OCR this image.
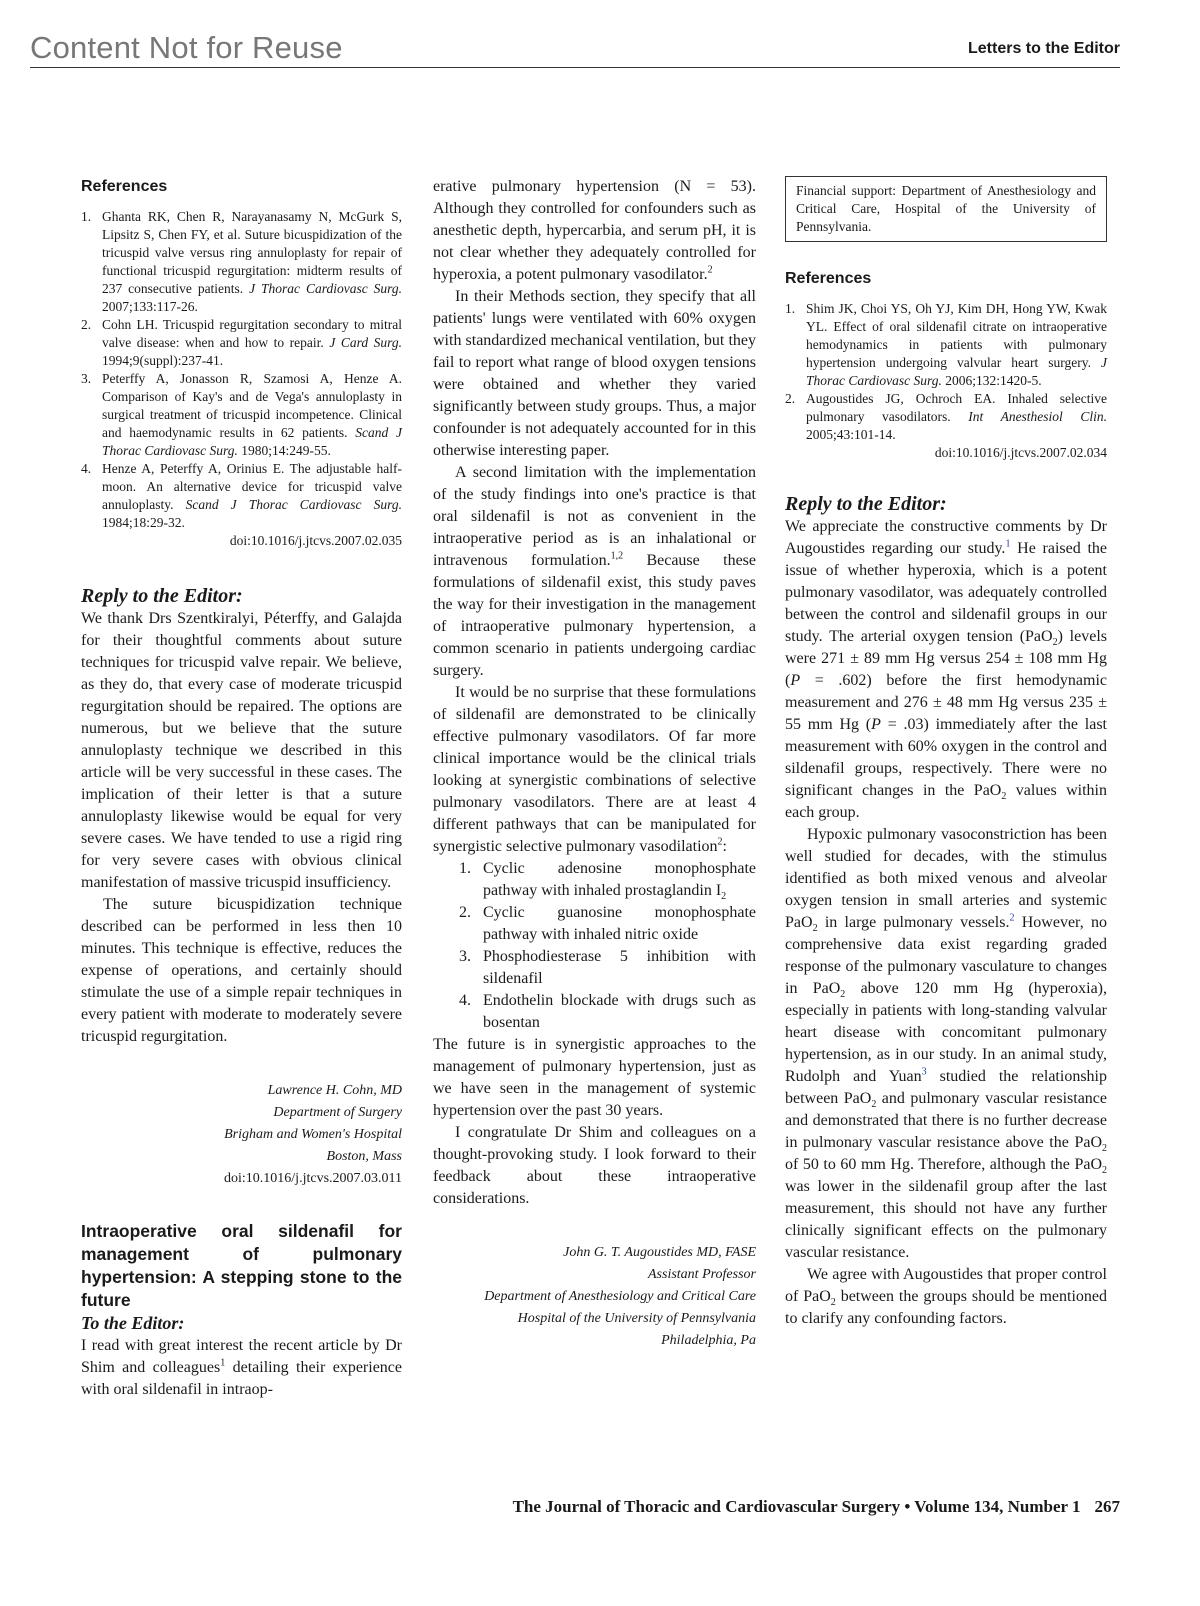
Content Not for Reuse	Letters to the Editor
References
1. Ghanta RK, Chen R, Narayanasamy N, McGurk S, Lipsitz S, Chen FY, et al. Suture bicuspidization of the tricuspid valve versus ring annuloplasty for repair of functional tricuspid regurgitation: midterm results of 237 consecutive patients. J Thorac Cardiovasc Surg. 2007;133:117-26.
2. Cohn LH. Tricuspid regurgitation secondary to mitral valve disease: when and how to repair. J Card Surg. 1994;9(suppl):237-41.
3. Peterffy A, Jonasson R, Szamosi A, Henze A. Comparison of Kay's and de Vega's annuloplasty in surgical treatment of tricuspid incompetence. Clinical and haemodynamic results in 62 patients. Scand J Thorac Cardiovasc Surg. 1980;14:249-55.
4. Henze A, Peterffy A, Orinius E. The adjustable half-moon. An alternative device for tricuspid valve annuloplasty. Scand J Thorac Cardiovasc Surg. 1984;18:29-32.
doi:10.1016/j.jtcvs.2007.02.035
Reply to the Editor:

We thank Drs Szentkiralyi, Péterffy, and Galajda for their thoughtful comments about suture techniques for tricuspid valve repair. We believe, as they do, that every case of moderate tricuspid regurgitation should be repaired. The options are numerous, but we believe that the suture annuloplasty technique we described in this article will be very successful in these cases. The implication of their letter is that a suture annuloplasty likewise would be equal for very severe cases. We have tended to use a rigid ring for very severe cases with obvious clinical manifestation of massive tricuspid insufficiency.

The suture bicuspidization technique described can be performed in less then 10 minutes. This technique is effective, reduces the expense of operations, and certainly should stimulate the use of a simple repair techniques in every patient with moderate to moderately severe tricuspid regurgitation.

Lawrence H. Cohn, MD
Department of Surgery
Brigham and Women's Hospital
Boston, Mass
doi:10.1016/j.jtcvs.2007.03.011
Intraoperative oral sildenafil for management of pulmonary hypertension: A stepping stone to the future
To the Editor:

I read with great interest the recent article by Dr Shim and colleagues$^1$ detailing their experience with oral sildenafil in intraop-

erative pulmonary hypertension (N = 53). Although they controlled for confounders such as anesthetic depth, hypercarbia, and serum pH, it is not clear whether they adequately controlled for hyperoxia, a potent pulmonary vasodilator.$^2$

In their Methods section, they specify that all patients' lungs were ventilated with 60% oxygen with standardized mechanical ventilation, but they fail to report what range of blood oxygen tensions were obtained and whether they varied significantly between study groups. Thus, a major confounder is not adequately accounted for in this otherwise interesting paper.

A second limitation with the implementation of the study findings into one's practice is that oral sildenafil is not as convenient in the intraoperative period as is an inhalational or intravenous formulation.$^{1,2}$ Because these formulations of sildenafil exist, this study paves the way for their investigation in the management of intraoperative pulmonary hypertension, a common scenario in patients undergoing cardiac surgery.

It would be no surprise that these formulations of sildenafil are demonstrated to be clinically effective pulmonary vasodilators. Of far more clinical importance would be the clinical trials looking at synergistic combinations of selective pulmonary vasodilators. There are at least 4 different pathways that can be manipulated for synergistic selective pulmonary vasodilation$^2$:

1. Cyclic adenosine monophosphate pathway with inhaled prostaglandin $I_2$
2. Cyclic guanosine monophosphate pathway with inhaled nitric oxide
3. Phosphodiesterase 5 inhibition with sildenafil
4. Endothelin blockade with drugs such as bosentan

The future is in synergistic approaches to the management of pulmonary hypertension, just as we have seen in the management of systemic hypertension over the past 30 years.

I congratulate Dr Shim and colleagues on a thought-provoking study. I look forward to their feedback about these intraoperative considerations.

John G. T. Augoustides MD, FASE
Assistant Professor
Department of Anesthesiology and Critical Care
Hospital of the University of Pennsylvania
Philadelphia, Pa
Financial support: Department of Anesthesiology and Critical Care, Hospital of the University of Pennsylvania.
References
1. Shim JK, Choi YS, Oh YJ, Kim DH, Hong YW, Kwak YL. Effect of oral sildenafil citrate on intraoperative hemodynamics in patients with pulmonary hypertension undergoing valvular heart surgery. J Thorac Cardiovasc Surg. 2006;132:1420-5.
2. Augoustides JG, Ochroch EA. Inhaled selective pulmonary vasodilators. Int Anesthesiol Clin. 2005;43:101-14.
doi:10.1016/j.jtcvs.2007.02.034
Reply to the Editor:

We appreciate the constructive comments by Dr Augoustides regarding our study.$^1$ He raised the issue of whether hyperoxia, which is a potent pulmonary vasodilator, was adequately controlled between the control and sildenafil groups in our study. The arterial oxygen tension (PaO$_2$) levels were 271 ± 89 mm Hg versus 254 ± 108 mm Hg (P = .602) before the first hemodynamic measurement and 276 ± 48 mm Hg versus 235 ± 55 mm Hg (P = .03) immediately after the last measurement with 60% oxygen in the control and sildenafil groups, respectively. There were no significant changes in the PaO$_2$ values within each group.

Hypoxic pulmonary vasoconstriction has been well studied for decades, with the stimulus identified as both mixed venous and alveolar oxygen tension in small arteries and systemic PaO$_2$ in large pulmonary vessels.$^2$ However, no comprehensive data exist regarding graded response of the pulmonary vasculature to changes in PaO$_2$ above 120 mm Hg (hyperoxia), especially in patients with long-standing valvular heart disease with concomitant pulmonary hypertension, as in our study. In an animal study, Rudolph and Yuan$^3$ studied the relationship between PaO$_2$ and pulmonary vascular resistance and demonstrated that there is no further decrease in pulmonary vascular resistance above the PaO$_2$ of 50 to 60 mm Hg. Therefore, although the PaO$_2$ was lower in the sildenafil group after the last measurement, this should not have any further clinically significant effects on the pulmonary vascular resistance.

We agree with Augoustides that proper control of PaO$_2$ between the groups should be mentioned to clarify any confounding factors.

The Journal of Thoracic and Cardiovascular Surgery • Volume 134, Number 1 267
